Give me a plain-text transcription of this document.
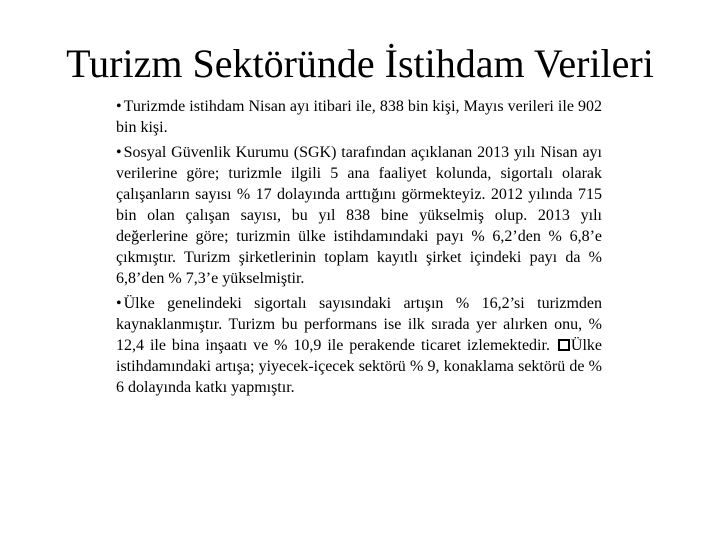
Turizm Sektöründe İstihdam Verileri

• Turizmde istihdam Nisan ayı itibari ile, 838 bin kişi, Mayıs verileri ile 902 bin kişi.

• Sosyal Güvenlik Kurumu (SGK) tarafından açıklanan 2013 yılı Nisan ayı verilerine göre; turizmle ilgili 5 ana faaliyet kolunda, sigortalı olarak çalışanların sayısı % 17 dolayında arttığını görmekteyiz. 2012 yılında 715 bin olan çalışan sayısı, bu yıl 838 bine yükselmiş olup. 2013 yılı değerlerine göre; turizmin ülke istihdamındaki payı % 6,2’den % 6,8’e çıkmıştır. Turizm şirketlerinin toplam kayıtlı şirket içindeki payı da % 6,8’den % 7,3’e yükselmiştir.

• Ülke genelindeki sigortalı sayısındaki artışın % 16,2’si turizmden kaynaklanmıştır. Turizm bu performans ise ilk sırada yer alırken onu, % 12,4 ile bina inşaatı ve % 10,9 ile perakende ticaret izlemektedir. Ülke istihdamındaki artışa; yiyecek-içecek sektörü % 9, konaklama sektörü de % 6 dolayında katkı yapmıştır.
